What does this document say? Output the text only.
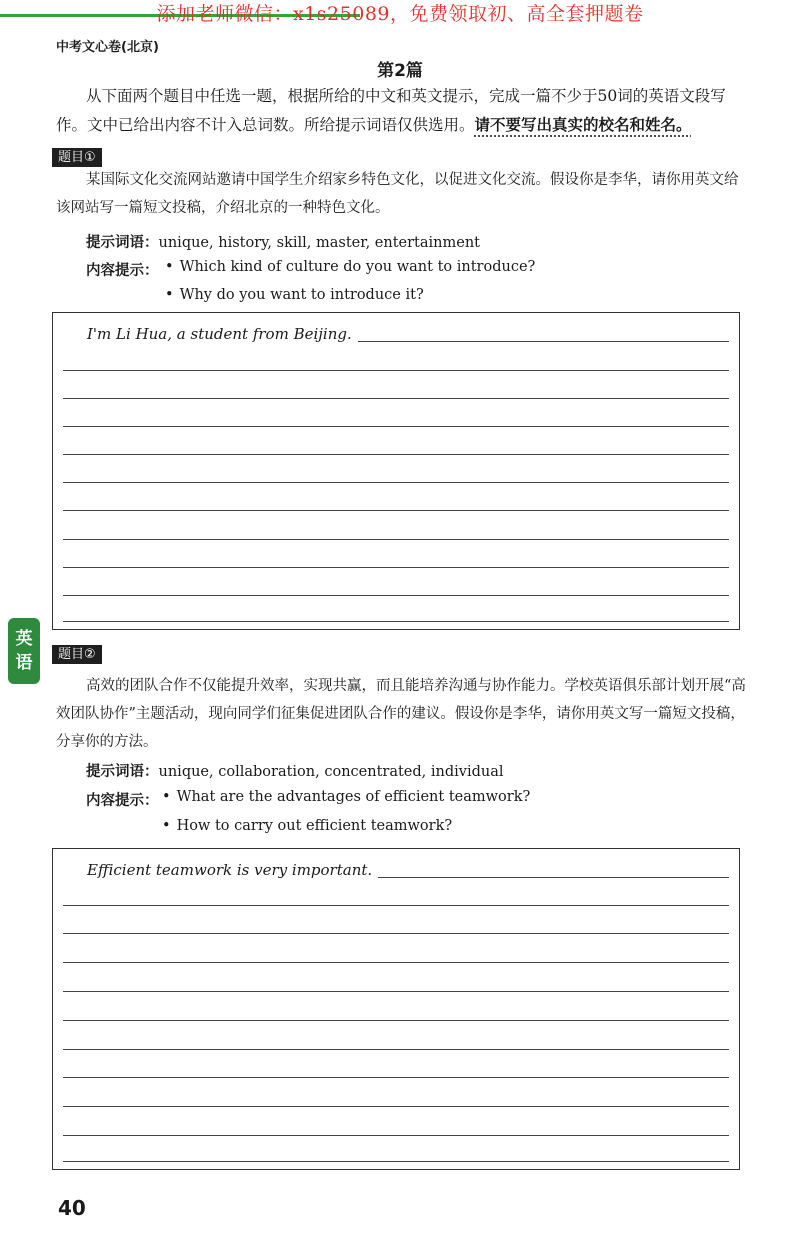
添加老师微信：x1s25089，免费领取初、高全套押题卷
中考文心卷(北京)
第2篇
从下面两个题目中任选一题，根据所给的中文和英文提示，完成一篇不少于50词的英语文段写作。文中已给出内容不计入总词数。所给提示词语仅供选用。请不要写出真实的校名和姓名。
题目①
某国际文化交流网站邀请中国学生介绍家乡特色文化，以促进文化交流。假设你是李华，请你用英文给该网站写一篇短文投稿，介绍北京的一种特色文化。
提示词语：unique, history, skill, master, entertainment
内容提示：	• Which kind of culture do you want to introduce?
• Why do you want to introduce it?
I'm Li Hua, a student from Beijing.
英
语	题目②
高效的团队合作不仅能提升效率，实现共赢，而且能培养沟通与协作能力。学校英语俱乐部计划开展“高效团队协作”主题活动，现向同学们征集促进团队合作的建议。假设你是李华，请你用英文写一篇短文投稿，分享你的方法。
提示词语：unique, collaboration, concentrated, individual
内容提示：	• What are the advantages of efficient teamwork?
• How to carry out efficient teamwork?
Efficient teamwork is very important.
40
